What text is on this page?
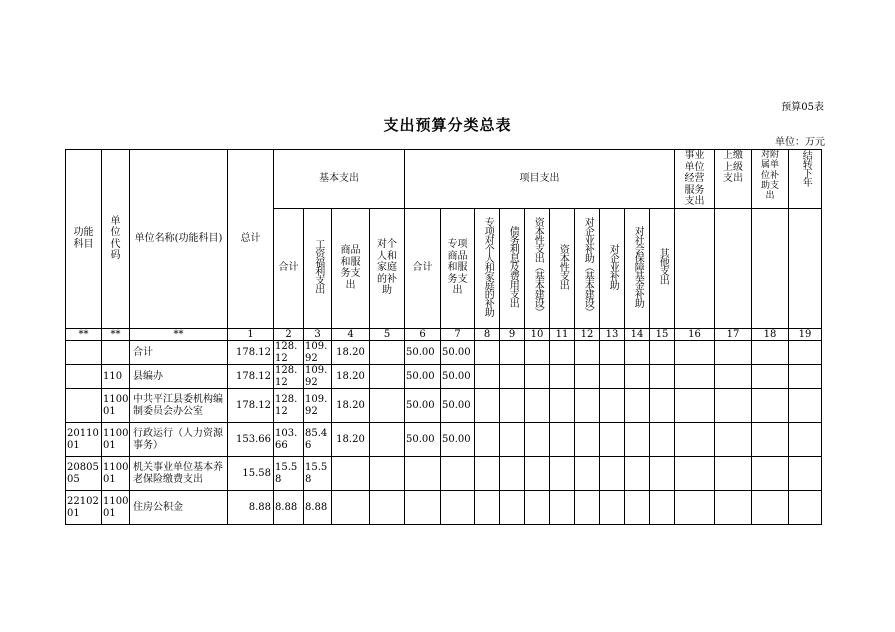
预算05表
支出预算分类总表
单位：万元
功能科目	单位代码	单位名称(功能科目)	总计	基本支出				项目支出										事业单位经营服务支出	上缴上级支出	对附属单位补助支出	结转下年
				合计	工资福利支出	商品和服务支出	对个人和家庭的补助	合计	专项商品和服务支出	专项对个人和家庭的补助	债务利息及费用支出	资本性支出（基本建设）	资本性支出	对企业补助（基本建设）	对企业补助	对社会保障基金补助	其他支出				
**	**	**	1	2	3	4	5	6	7	8	9	10	11	12	13	14	15	16	17	18	19
		合计	178.12	128.12	109.92	18.20		50.00	50.00												
	110	县编办	178.12	128.12	109.92	18.20		50.00	50.00												
	110001	中共平江县委机构编制委员会办公室	178.12	128.12	109.92	18.20		50.00	50.00												
2011001	110001	行政运行（人力资源事务）	153.66	103.66	85.46	18.20		50.00	50.00												
2080505	110001	机关事业单位基本养老保险缴费支出	15.58	15.58	15.58																
2210201	110001	住房公积金	8.88	8.88	8.88																
